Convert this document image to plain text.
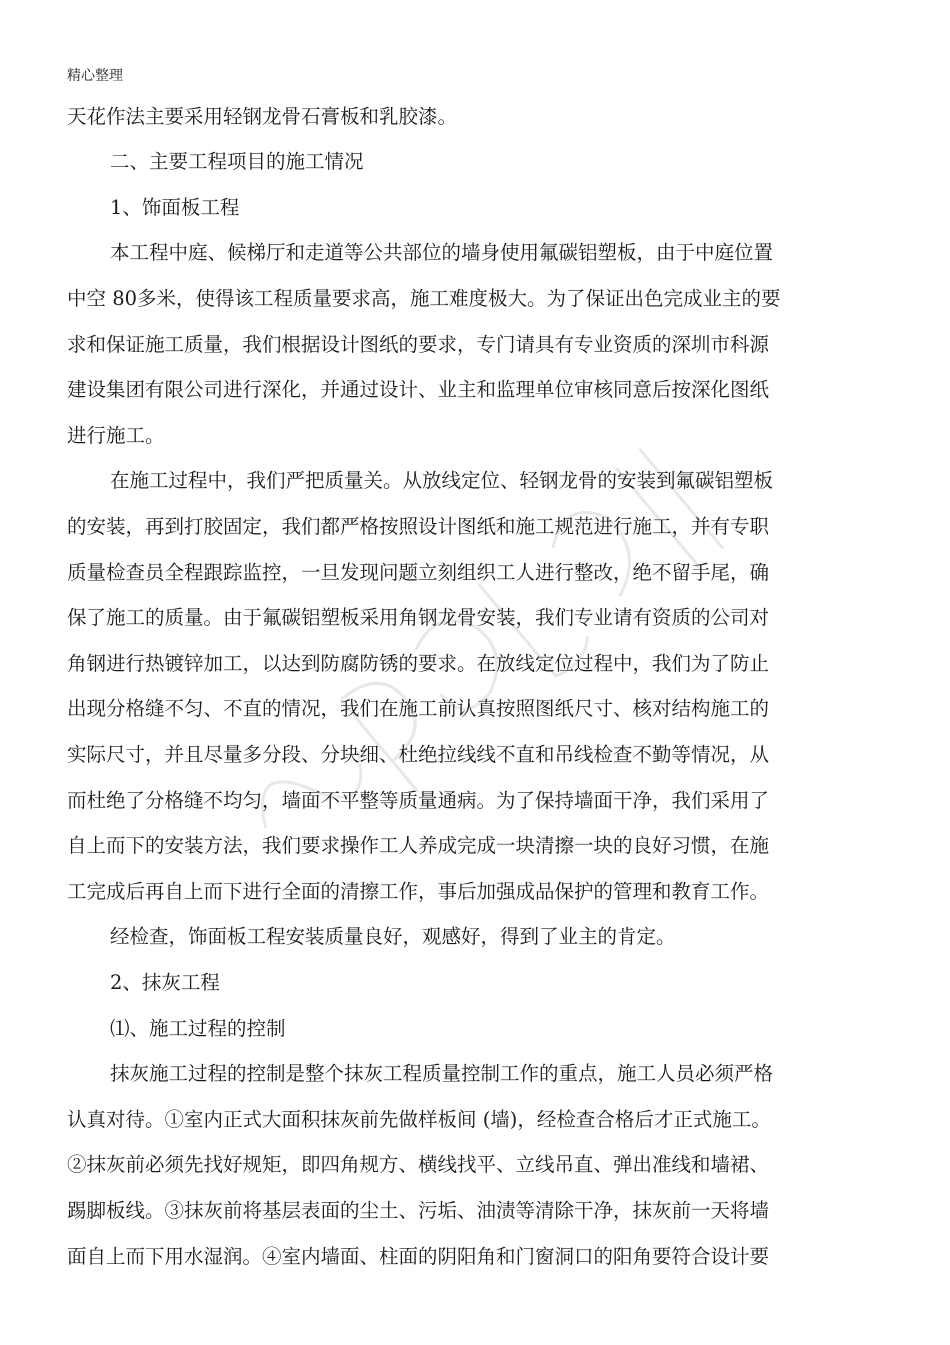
​
精心整理
天花作法主要采用轻钢龙骨石膏板和乳胶漆。
二、主要工程项目的施工情况
1、饰面板工程
本工程中庭、候梯厅和走道等公共部位的墙身使用氟碳铝塑板，由于中庭位置
中空 80多米，使得该工程质量要求高，施工难度极大。为了保证出色完成业主的要
求和保证施工质量，我们根据设计图纸的要求，专门请具有专业资质的深圳市科源
建设集团有限公司进行深化，并通过设计、业主和监理单位审核同意后按深化图纸
进行施工。
在施工过程中，我们严把质量关。从放线定位、轻钢龙骨的安装到氟碳铝塑板
的安装，再到打胶固定，我们都严格按照设计图纸和施工规范进行施工，并有专职
质量检查员全程跟踪监控，一旦发现问题立刻组织工人进行整改，绝不留手尾，确
保了施工的质量。由于氟碳铝塑板采用角钢龙骨安装，我们专业请有资质的公司对
角钢进行热镀锌加工，以达到防腐防锈的要求。在放线定位过程中，我们为了防止
出现分格缝不匀、不直的情况，我们在施工前认真按照图纸尺寸、核对结构施工的
实际尺寸，并且尽量多分段、分块细、杜绝拉线线不直和吊线检查不勤等情况，从
而杜绝了分格缝不均匀，墙面不平整等质量通病。为了保持墙面干净，我们采用了
自上而下的安装方法，我们要求操作工人养成完成一块清擦一块的良好习惯，在施
工完成后再自上而下进行全面的清擦工作，事后加强成品保护的管理和教育工作。
经检查，饰面板工程安装质量良好，观感好，得到了业主的肯定。
2、抹灰工程
⑴、施工过程的控制
抹灰施工过程的控制是整个抹灰工程质量控制工作的重点，施工人员必须严格
认真对待。①室内正式大面积抹灰前先做样板间 (墙)，经检查合格后才正式施工。
②抹灰前必须先找好规矩，即四角规方、横线找平、立线吊直、弹出准线和墙裙、
踢脚板线。③抹灰前将基层表面的尘土、污垢、油渍等清除干净，抹灰前一天将墙
面自上而下用水湿润。④室内墙面、柱面的阴阳角和门窗洞口的阳角要符合设计要
